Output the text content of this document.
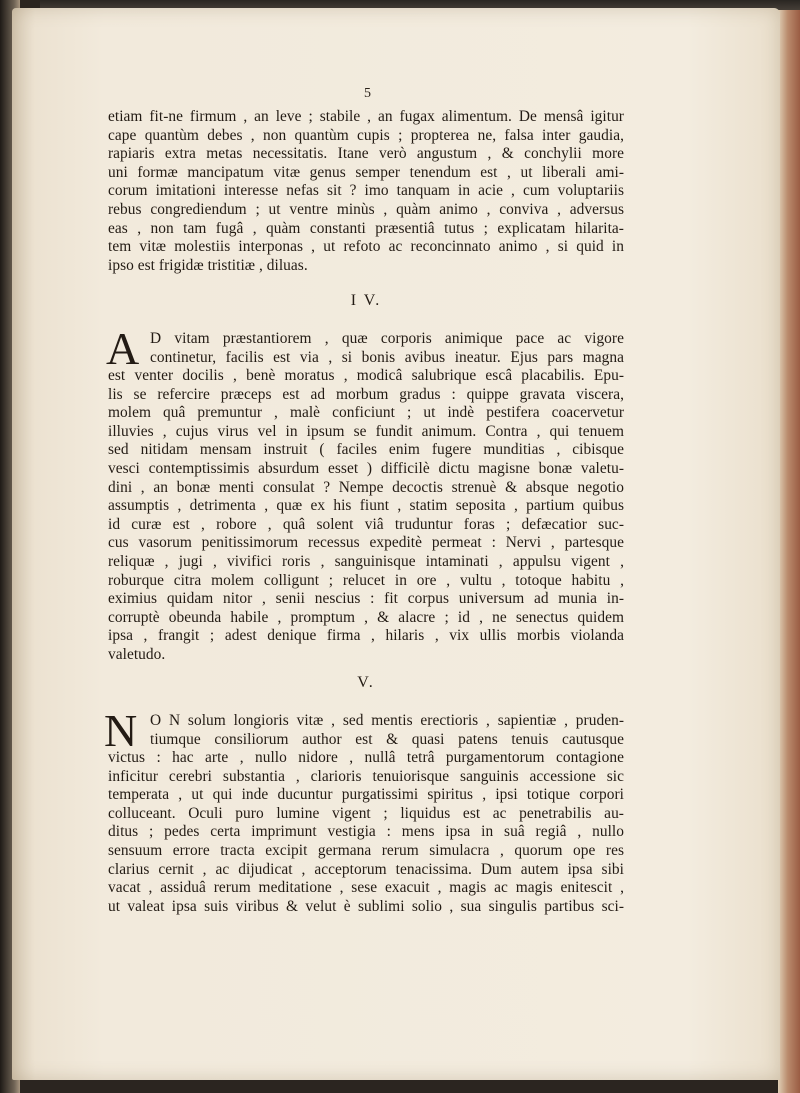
5
etiam fit-ne firmum , an leve ; stabile , an fugax alimentum. De mensâ igitur
cape quantùm debes , non quantùm cupis ; propterea ne, falsa inter gaudia,
rapiaris extra metas necessitatis. Itane verò angustum , & conchylii more
uni formæ mancipatum vitæ genus semper tenendum est , ut liberali ami-
corum imitationi interesse nefas sit ? imo tanquam in acie , cum voluptariis
rebus congrediendum ; ut ventre minùs , quàm animo , conviva , adversus
eas , non tam fugâ , quàm constanti præsentiâ tutus ; explicatam hilarita-
tem vitæ molestiis interponas , ut refoto ac reconcinnato animo , si quid in
ipso est frigidæ tristitiæ , diluas.
I V.
A D vitam præstantiorem , quæ corporis animique pace ac vigore
continetur, facilis est via , si bonis avibus ineatur. Ejus pars magna
est venter docilis , benè moratus , modicâ salubrique escâ placabilis. Epu-
lis se refercire præceps est ad morbum gradus : quippe gravata viscera,
molem quâ premuntur , malè conficiunt ; ut indè pestifera coacervetur
illuvies , cujus virus vel in ipsum se fundit animum. Contra , qui tenuem
sed nitidam mensam instruit ( faciles enim fugere munditias , cibisque
vesci contemptissimis absurdum esset ) difficilè dictu magisne bonæ valetu-
dini , an bonæ menti consulat ? Nempe decoctis strenuè & absque negotio
assumptis , detrimenta , quæ ex his fiunt , statim seposita , partium quibus
id curæ est , robore , quâ solent viâ truduntur foras ; defæcatior suc-
cus vasorum penitissimorum recessus expeditè permeat : Nervi , partesque
reliquæ , jugi , vivifici roris , sanguinisque intaminati , appulsu vigent ,
roburque citra molem colligunt ; relucet in ore , vultu , totoque habitu ,
eximius quidam nitor , senii nescius : fit corpus universum ad munia in-
corruptè obeunda habile , promptum , & alacre ; id , ne senectus quidem
ipsa , frangit ; adest denique firma , hilaris , vix ullis morbis violanda
valetudo.
V.
N O N solum longioris vitæ , sed mentis erectioris , sapientiæ , pruden-
tiumque consiliorum author est & quasi patens tenuis cautusque
victus : hac arte , nullo nidore , nullâ tetrâ purgamentorum contagione
inficitur cerebri substantia , clarioris tenuiorisque sanguinis accessione sic
temperata , ut qui inde ducuntur purgatissimi spiritus , ipsi totique corpori
colluceant. Oculi puro lumine vigent ; liquidus est ac penetrabilis au-
ditus ; pedes certa imprimunt vestigia : mens ipsa in suâ regiâ , nullo
sensuum errore tracta excipit germana rerum simulacra , quorum ope res
clarius cernit , ac dijudicat , acceptorum tenacissima. Dum autem ipsa sibi
vacat , assiduâ rerum meditatione , sese exacuit , magis ac magis enitescit ,
ut valeat ipsa suis viribus & velut è sublimi solio , sua singulis partibus sci-
